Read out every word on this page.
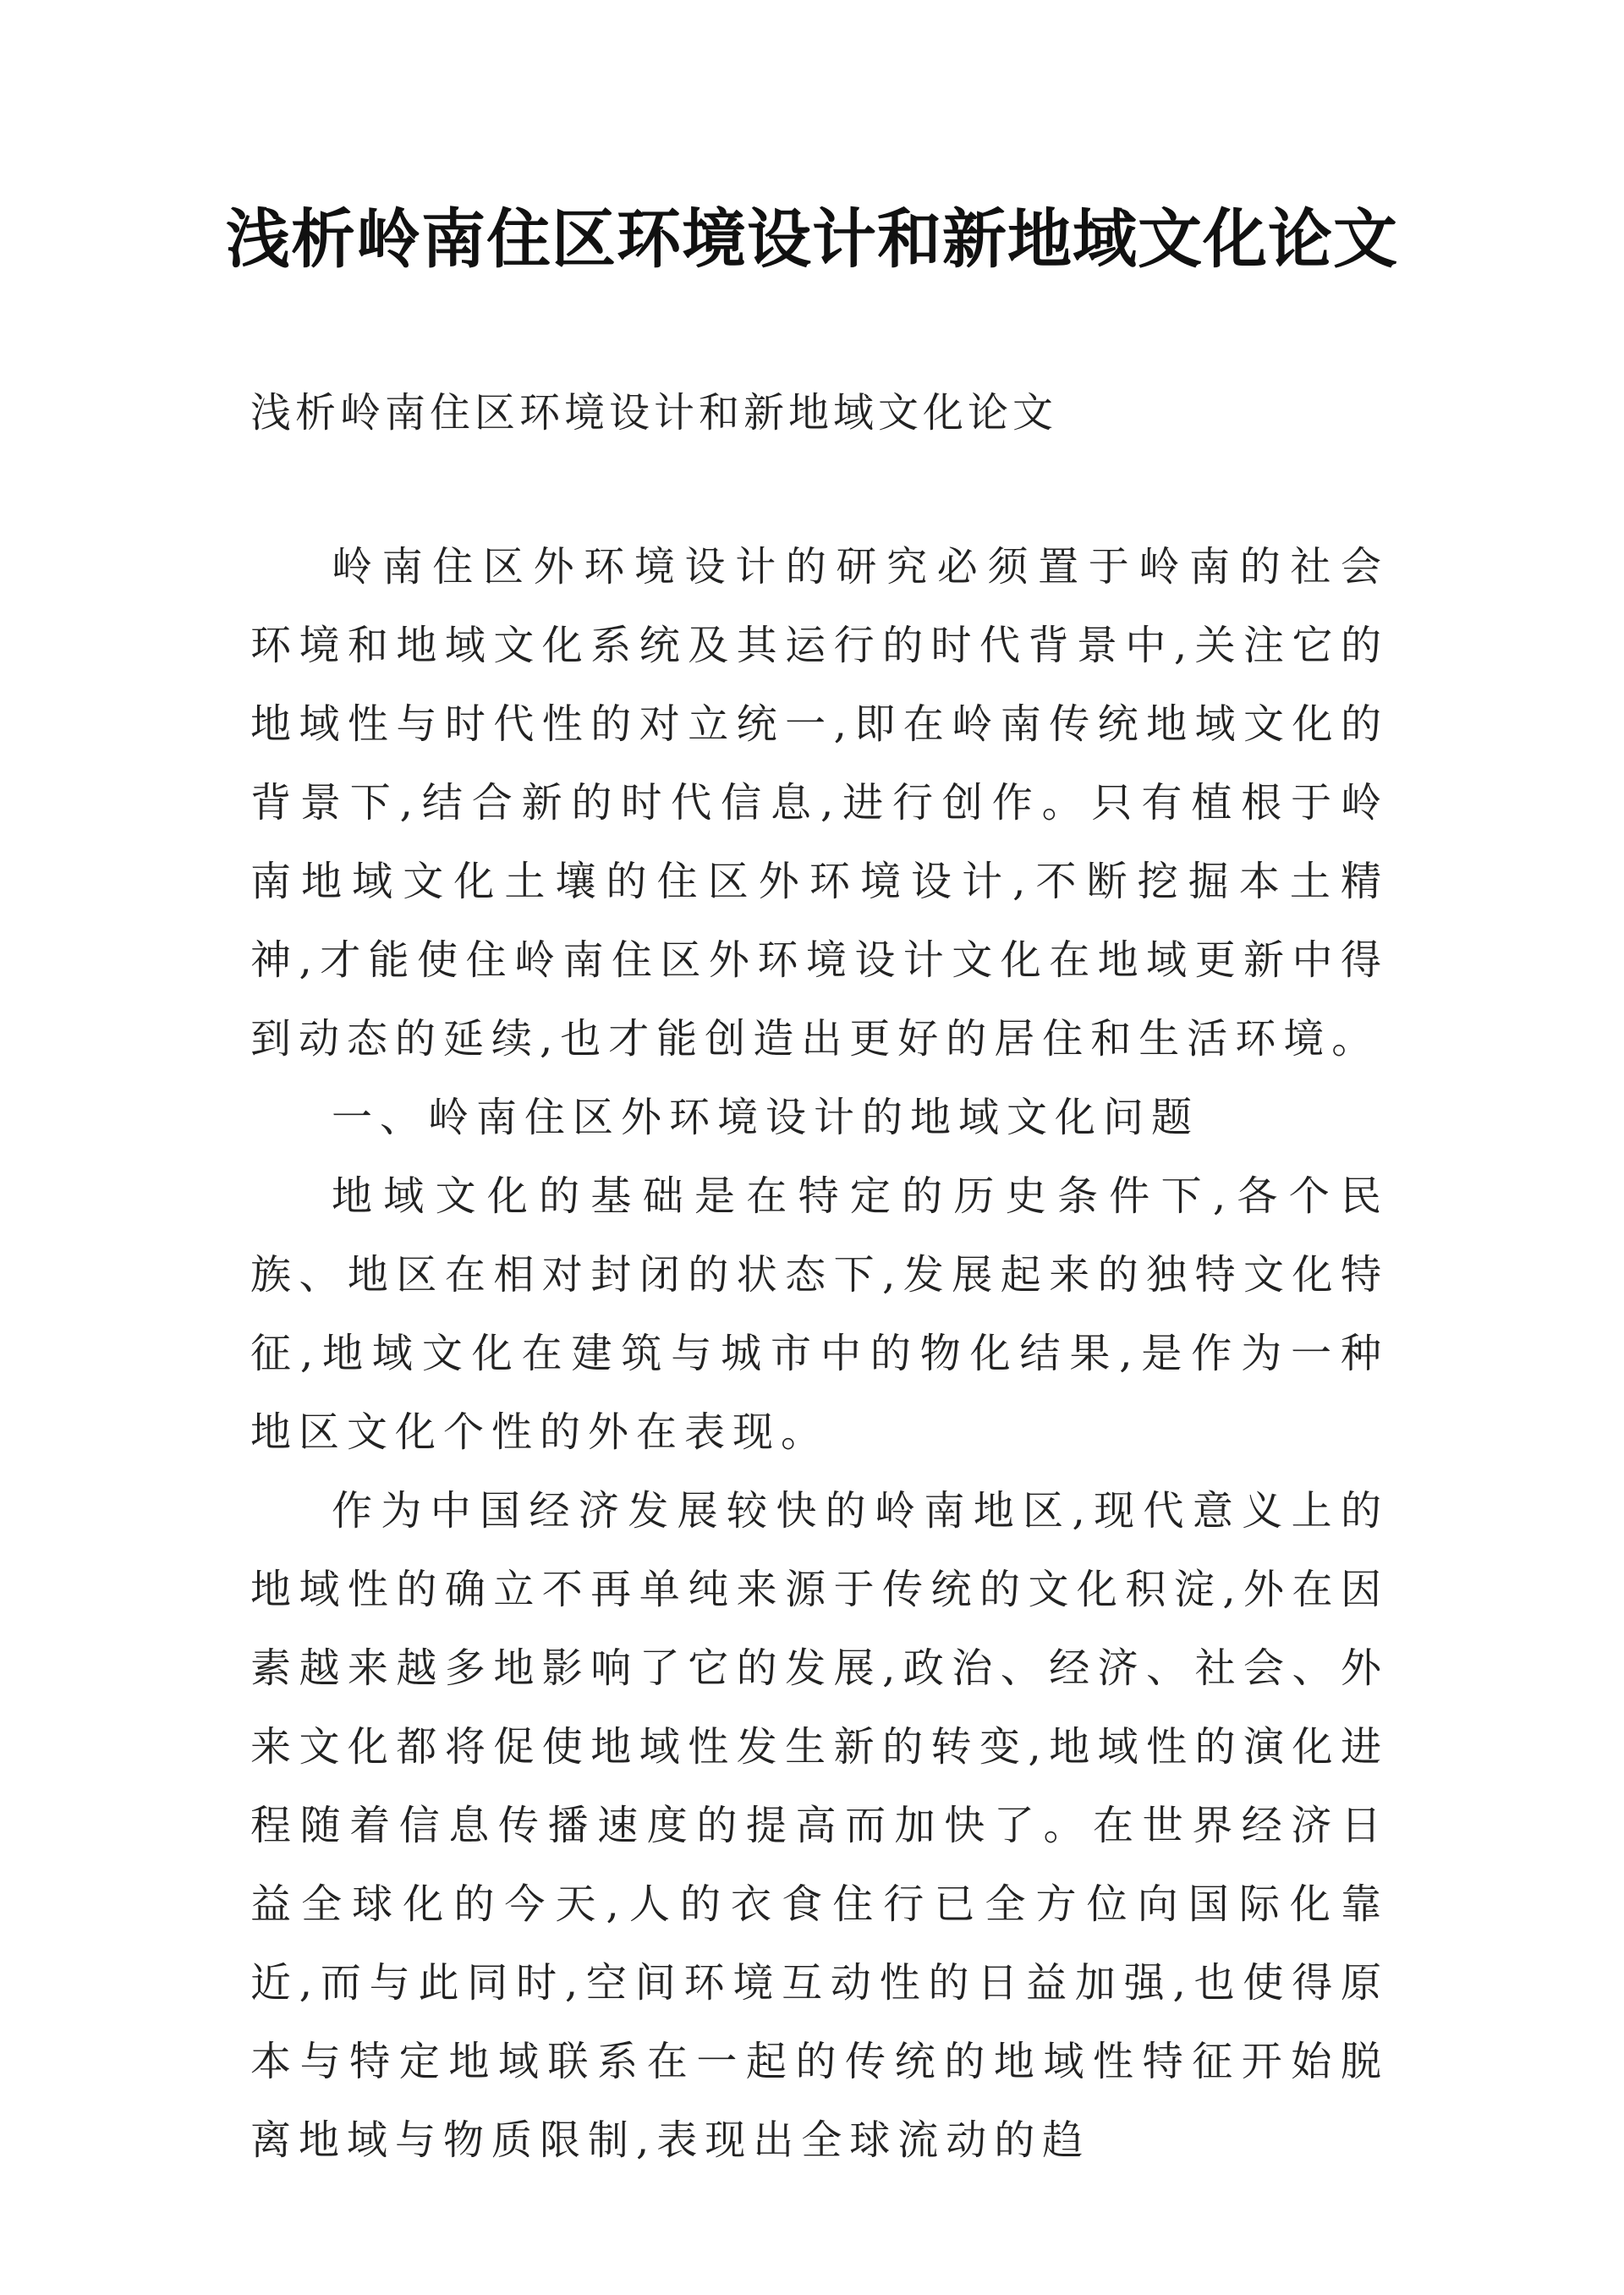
浅析岭南住区环境设计和新地域文化论文
浅析岭南住区环境设计和新地域文化论文

岭南住区外环境设计的研究必须置于岭南的社会环境和地域文化系统及其运行的时代背景中,关注它的地域性与时代性的对立统一,即在岭南传统地域文化的背景下,结合新的时代信息,进行创作。只有植根于岭南地域文化土壤的住区外环境设计,不断挖掘本土精神,才能使住岭南住区外环境设计文化在地域更新中得到动态的延续,也才能创造出更好的居住和生活环境。

一、岭南住区外环境设计的地域文化问题

地域文化的基础是在特定的历史条件下,各个民族、地区在相对封闭的状态下,发展起来的独特文化特征,地域文化在建筑与城市中的物化结果,是作为一种地区文化个性的外在表现。

作为中国经济发展较快的岭南地区,现代意义上的地域性的确立不再单纯来源于传统的文化积淀,外在因素越来越多地影响了它的发展,政治、经济、社会、外来文化都将促使地域性发生新的转变,地域性的演化进程随着信息传播速度的提高而加快了。在世界经济日益全球化的今天,人的衣食住行已全方位向国际化靠近,而与此同时,空间环境互动性的日益加强,也使得原本与特定地域联系在一起的传统的地域性特征开始脱离地域与物质限制,表现出全球流动的趋
